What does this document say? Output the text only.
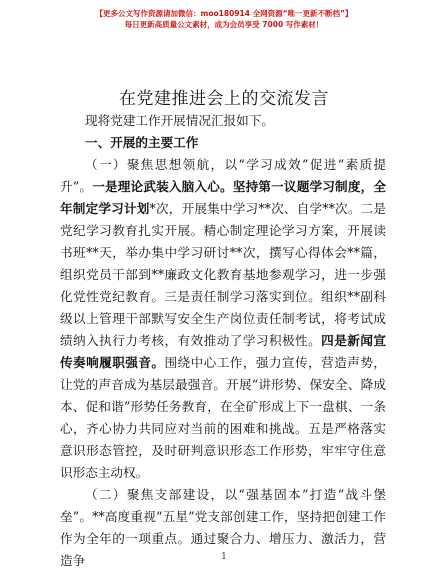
【更多公文写作资源请加微信：moo180914 全网资源“唯一更新不断档”】
每日更新高质量公文素材，成为会员享受 7000 写作素材！
在党建推进会上的交流发言

现将党建工作开展情况汇报如下。

一、开展的主要工作

（一）聚焦思想领航，以“学习成效”促进“素质提升”。一是理论武装入脑入心。坚持第一议题学习制度，全年制定学习计划*次，开展集中学习**次、自学**次。二是党纪学习教育扎实开展。精心制定理论学习方案，开展读书班**天，举办集中学习研讨**次，撰写心得体会**篇，组织党员干部到**廉政文化教育基地参观学习，进一步强化党性党纪教育。三是责任制学习落实到位。组织**副科级以上管理干部默写安全生产岗位责任制考试，将考试成绩纳入执行力考核，有效推动了学习积极性。四是新闻宣传奏响履职强音。围绕中心工作，强力宣传，营造声势，让党的声音成为基层最强音。开展“讲形势、保安全、降成本、促和谐”形势任务教育，在全矿形成上下一盘棋、一条心，齐心协力共同应对当前的困难和挑战。五是严格落实意识形态管控，及时研判意识形态工作形势，牢牢守住意识形态主动权。

（二）聚焦支部建设，以“强基固本”打造“战斗堡垒”。**高度重视“五星”党支部创建工作，坚持把创建工作作为全年的一项重点。通过聚合力、增压力、激活力，营造争	1
